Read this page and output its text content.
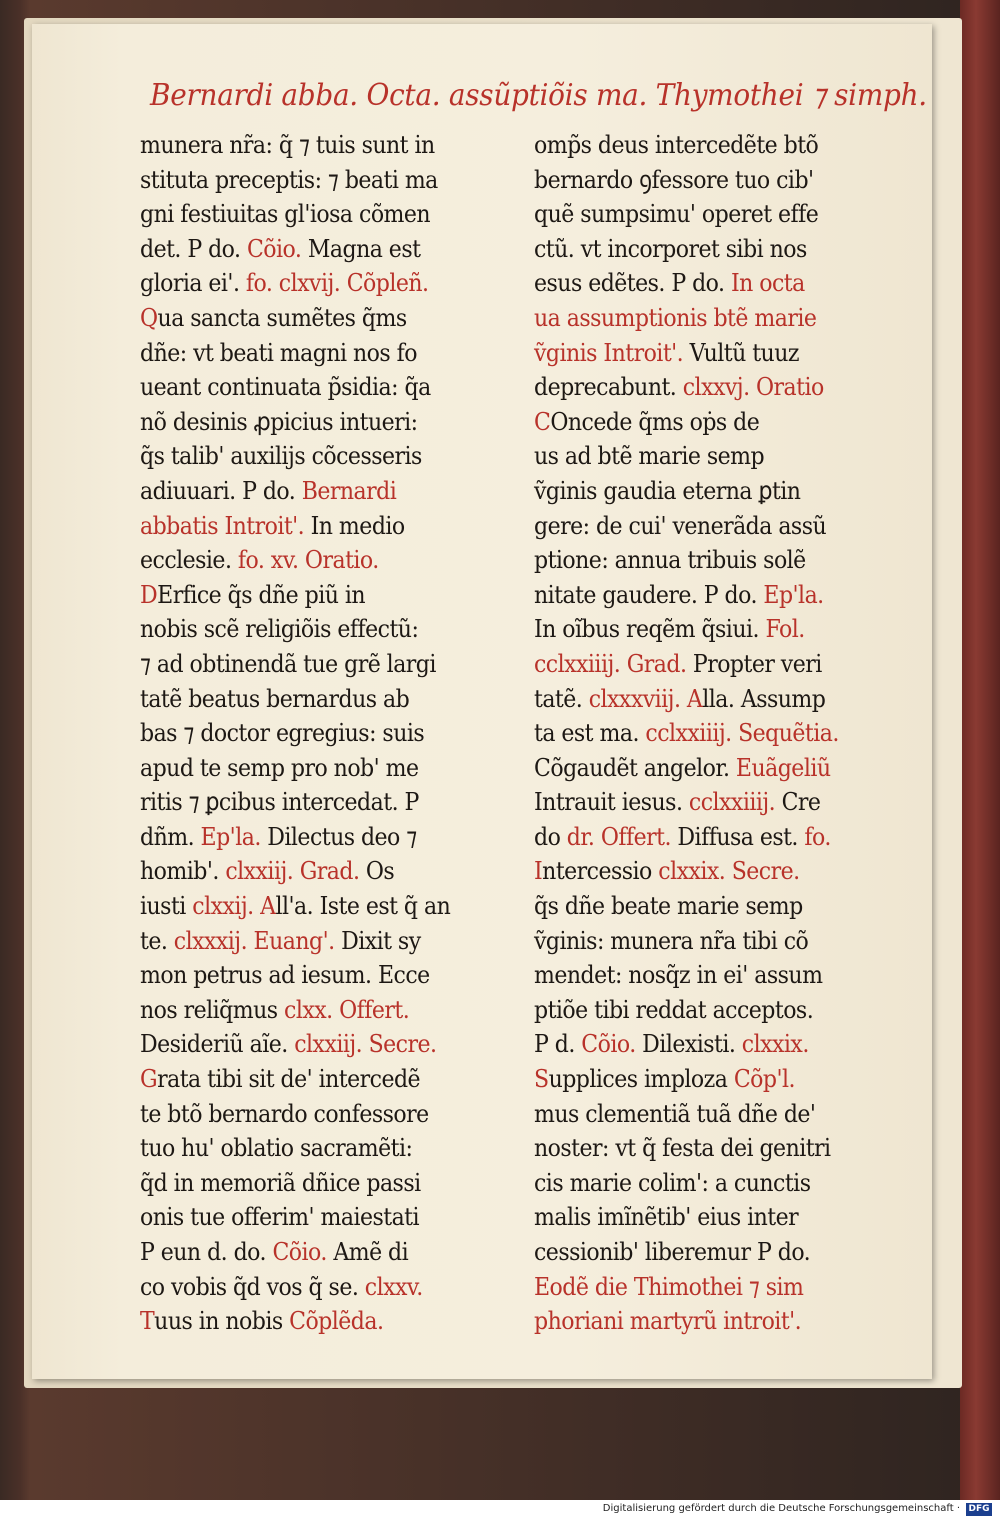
Bernardi abba. Octa. assũptiõis ma. Thymothei ⁊ simph.
munera nr̃a: q̃ ⁊ tuis sunt in
stituta preceptis: ⁊ beati ma
gni festiuitas gl'iosa cõmen
det. P do. Cõio. Magna est
gloria ei'. fo. clxvij. Cõpleñ.
Qua sancta sumẽtes q̃ms
dñe: vt beati magni nos fo
ueant continuata p̃sidia: q̃a
nõ desinis ꝓpicius intueri:
q̃s talib' auxilijs cõcesseris
adiuuari. P do. Bernardi
abbatis Introit'. In medio
ecclesie. fo. xv. Oratio.
DErfice q̃s dñe piũ in
nobis scẽ religiõis effectũ:
⁊ ad obtinendã tue grẽ largi
tatẽ beatus bernardus ab
bas ⁊ doctor egregius: suis
apud te semp pro nob' me
ritis ⁊ ꝑcibus intercedat. P
dñm. Ep'la. Dilectus deo ⁊
homib'. clxxiij. Grad. Os
iusti clxxij. All'a. Iste est q̃ an
te. clxxxij. Euang'. Dixit sy
mon petrus ad iesum. Ecce
nos reliq̃mus clxx. Offert.
Desideriũ aĩe. clxxiij. Secre.
Grata tibi sit de' intercedẽ
te btõ bernardo confessore
tuo hu' oblatio sacramẽti:
q̃d in memoriã dñice passi
onis tue offerim' maiestati
P eun d. do. Cõio. Amẽ di
co vobis q̃d vos q̃ se. clxxv.
Tuus in nobis Cõplẽda.
omp̃s deus intercedẽte btõ
bernardo ꝯfessore tuo cib'
quẽ sumpsimu' operet effe
ctũ. vt incorporet sibi nos
esus edẽtes. P do. In octa
ua assumptionis btẽ marie
ṽginis Introit'. Vultũ tuuz
deprecabunt. clxxvj. Oratio
COncede q̃ms oṗs de
us ad btẽ marie semp
ṽginis gaudia eterna ꝑtin
gere: de cui' venerãda assũ
ptione: annua tribuis solẽ
nitate gaudere. P do. Ep'la.
In oĩbus reqẽm q̃siui. Fol.
cclxxiiij. Grad. Propter veri
tatẽ. clxxxviij. Alla. Assump
ta est ma. cclxxiiij. Sequẽtia.
Cõgaudẽt angelor. Euãgeliũ
Intrauit iesus. cclxxiiij. Cre
do dr. Offert. Diffusa est. fo.
Intercessio clxxix. Secre.
q̃s dñe beate marie semp
ṽginis: munera nr̃a tibi cõ
mendet: nosq̃z in ei' assum
ptiõe tibi reddat acceptos.
P d. Cõio. Dilexisti. clxxix.
Supplices imploza Cõp'l.
mus clementiã tuã dñe de'
noster: vt q̃ festa dei genitri
cis marie colim': a cunctis
malis imĩnẽtib' eius inter
cessionib' liberemur P do.
Eodẽ die Thimothei ⁊ sim
phoriani martyrũ introit'.
Digitalisierung gefördert durch die Deutsche Forschungsgemeinschaft · DFG
